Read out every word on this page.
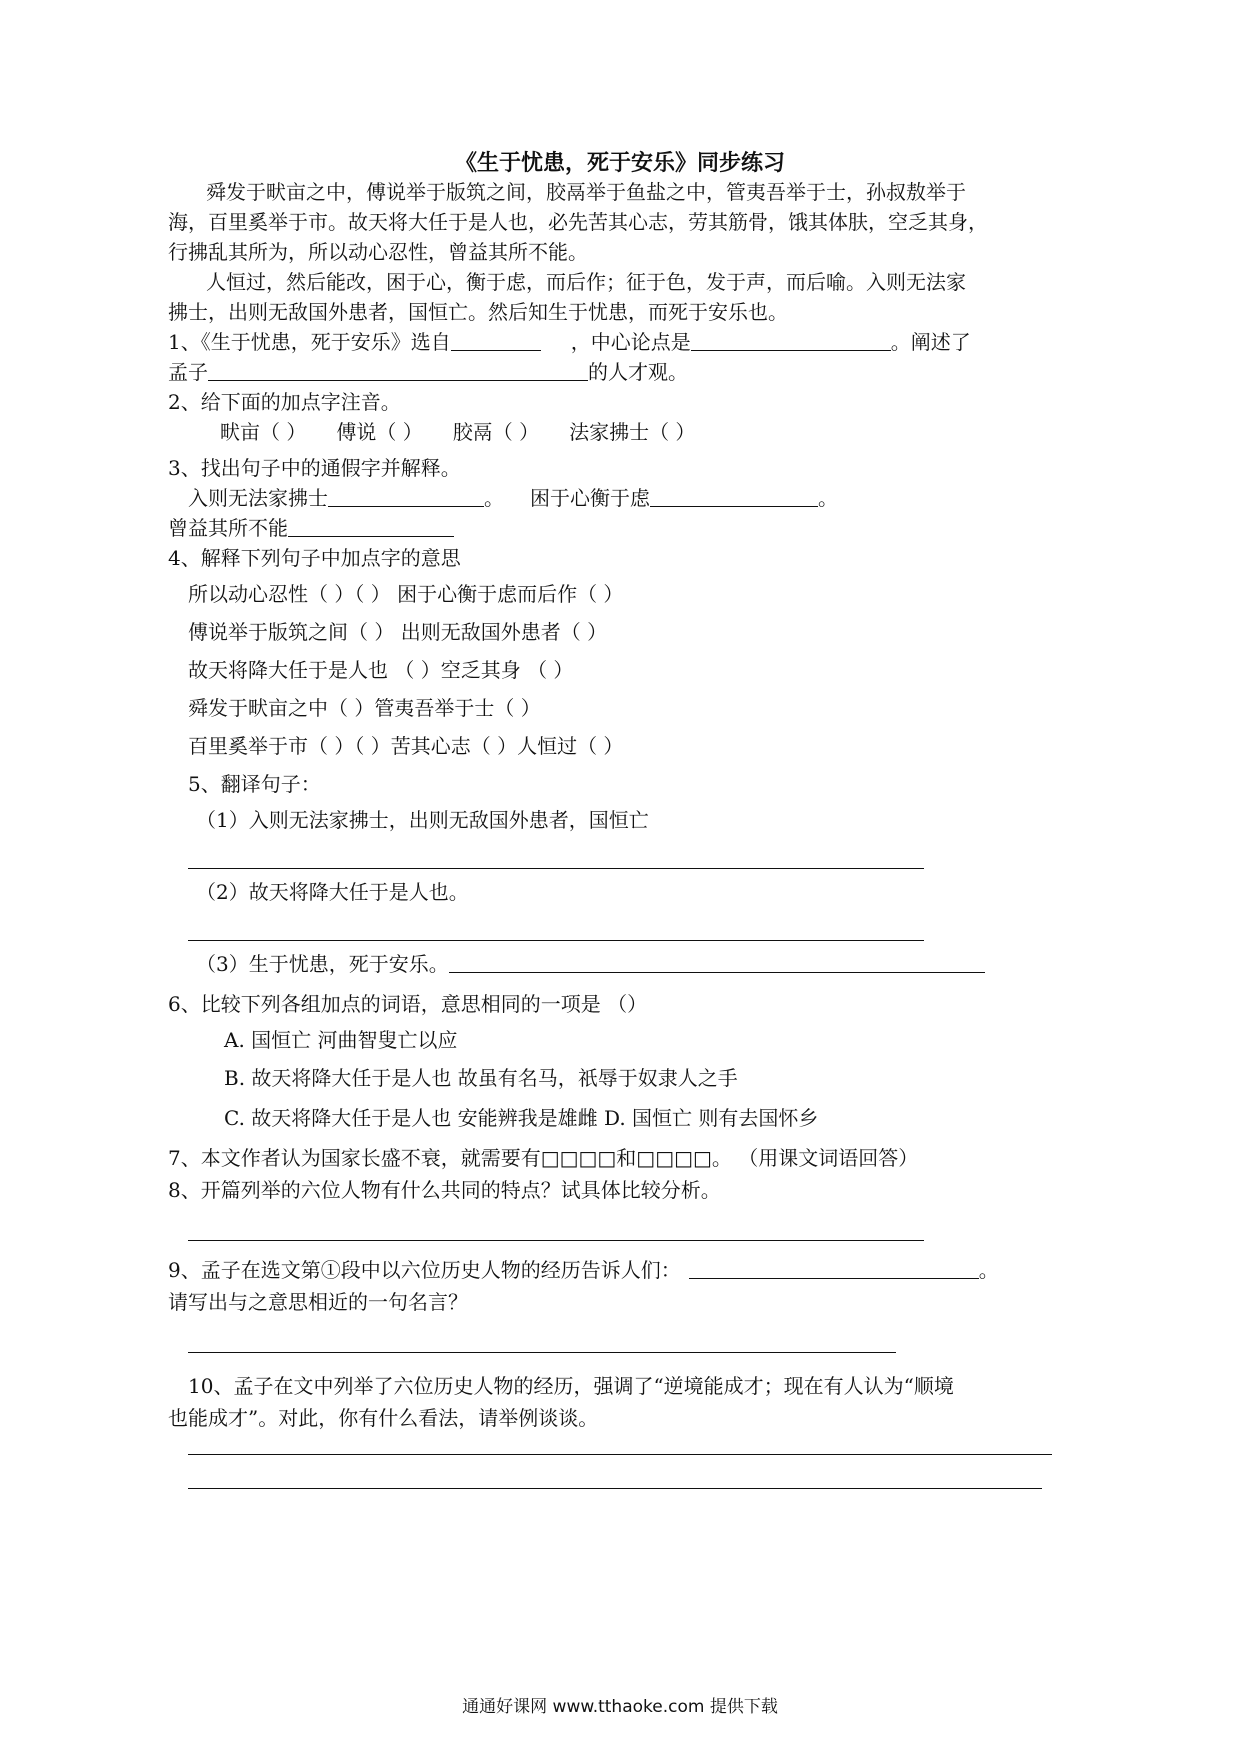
《生于忧患，死于安乐》同步练习
舜发于畎亩之中，傅说举于版筑之间，胶鬲举于鱼盐之中，管夷吾举于士，孙叔敖举于
海，百里奚举于市。故天将大任于是人也，必先苦其心志，劳其筋骨，饿其体肤，空乏其身，
行拂乱其所为，所以动心忍性，曾益其所不能。
人恒过，然后能改，困于心，衡于虑，而后作；征于色，发于声，而后喻。入则无法家
拂士，出则无敌国外患者，国恒亡。然后知生于忧患，而死于安乐也。
1、《生于忧患，死于安乐》选自	，中心论点是	。阐述了
孟子	的人才观。
2、给下面的加点字注音。
畎亩（ ） 傅说（ ） 胶鬲（ ） 法家拂士（ ）
3、找出句子中的通假字并解释。
入则无法家拂士	。 困于心衡于虑	。
曾益其所不能
4、解释下列句子中加点字的意思
所以动心忍性（ ）（ ） 困于心衡于虑而后作（ ）
傅说举于版筑之间（ ） 出则无敌国外患者（ ）
故天将降大任于是人也 （ ）空乏其身 （ ）
舜发于畎亩之中（ ）管夷吾举于士（ ）
百里奚举于市（ ）（ ）苦其心志（ ）人恒过（ ）
5、翻译句子：
（1）入则无法家拂士，出则无敌国外患者，国恒亡
（2）故天将降大任于是人也。
（3）生于忧患，死于安乐。
6、比较下列各组加点的词语，意思相同的一项是 （）
A. 国恒亡 河曲智叟亡以应
B. 故天将降大任于是人也 故虽有名马，祇辱于奴隶人之手
C. 故天将降大任于是人也 安能辨我是雄雌 D. 国恒亡 则有去国怀乡
7、本文作者认为国家长盛不衰，就需要有□□□□和□□□□。 （用课文词语回答）
8、开篇列举的六位人物有什么共同的特点？试具体比较分析。
9、孟子在选文第①段中以六位历史人物的经历告诉人们：	。
请写出与之意思相近的一句名言？
10、孟子在文中列举了六位历史人物的经历，强调了“逆境能成才；现在有人认为“顺境
也能成才”。对此，你有什么看法，请举例谈谈。
通通好课网 www.tthaoke.com 提供下载
